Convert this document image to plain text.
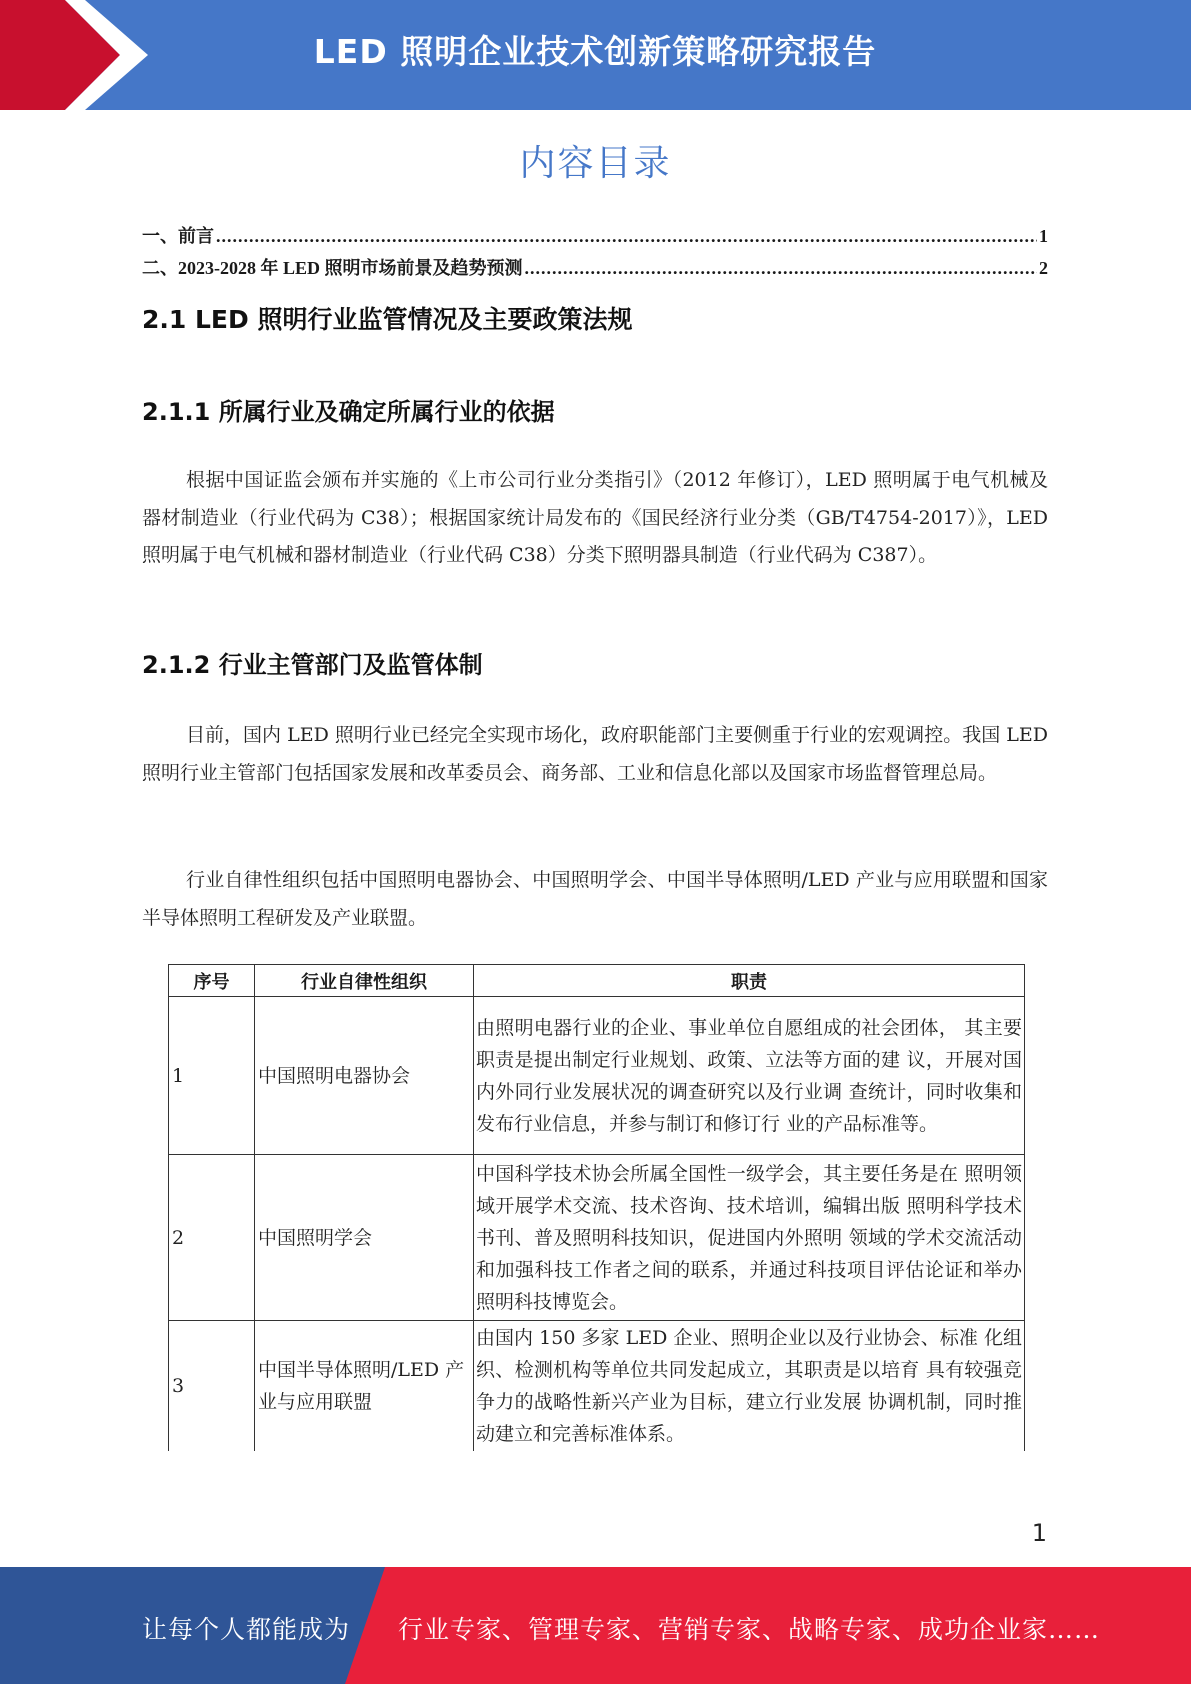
LED 照明企业技术创新策略研究报告
内容目录
一、前言 .....	1
二、2023-2028 年 LED 照明市场前景及趋势预测 .....	2
2.1 LED 照明行业监管情况及主要政策法规
2.1.1 所属行业及确定所属行业的依据
根据中国证监会颁布并实施的《上市公司行业分类指引》（2012 年修订），LED 照明属于电气机械及器材制造业（行业代码为 C38）；根据国家统计局发布的《国民经济行业分类（GB/T4754-2017）》，LED 照明属于电气机械和器材制造业（行业代码 C38）分类下照明器具制造（行业代码为 C387）。
2.1.2 行业主管部门及监管体制
目前，国内 LED 照明行业已经完全实现市场化，政府职能部门主要侧重于行业的宏观调控。我国 LED 照明行业主管部门包括国家发展和改革委员会、商务部、工业和信息化部以及国家市场监督管理总局。
行业自律性组织包括中国照明电器协会、中国照明学会、中国半导体照明/LED 产业与应用联盟和国家半导体照明工程研发及产业联盟。
序号	行业自律性组织	职责
1	中国照明电器协会	由照明电器行业的企业、事业单位自愿组成的社会团体， 其主要职责是提出制定行业规划、政策、立法等方面的建 议，开展对国内外同行业发展状况的调查研究以及行业调 查统计，同时收集和发布行业信息，并参与制订和修订行 业的产品标准等。
2	中国照明学会	中国科学技术协会所属全国性一级学会，其主要任务是在 照明领域开展学术交流、技术咨询、技术培训，编辑出版 照明科学技术书刊、普及照明科技知识，促进国内外照明 领域的学术交流活动和加强科技工作者之间的联系，并通过科技项目评估论证和举办照明科技博览会。
3	中国半导体照明/LED 产业与应用联盟	由国内 150 多家 LED 企业、照明企业以及行业协会、标准 化组织、检测机构等单位共同发起成立，其职责是以培育 具有较强竞争力的战略性新兴产业为目标，建立行业发展 协调机制，同时推动建立和完善标准体系。
1
让每个人都能成为 行业专家、管理专家、营销专家、战略专家、成功企业家……
